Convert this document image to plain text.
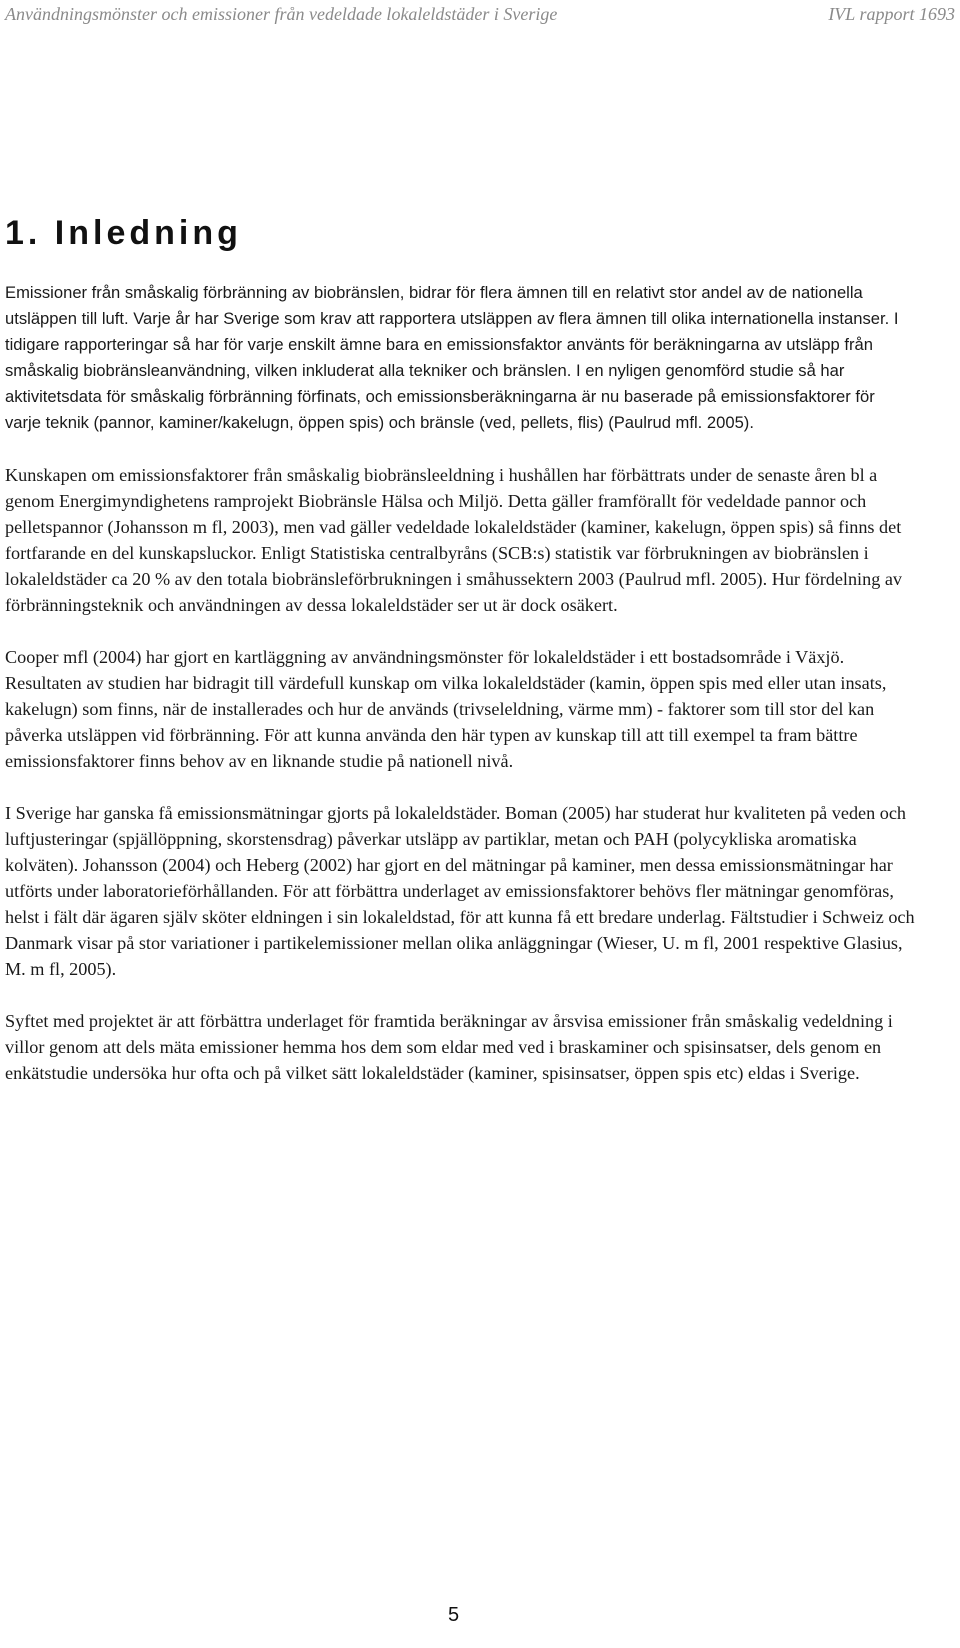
Användningsmönster och emissioner från vedeldade lokaleldstäder i Sverige	IVL rapport 1693
1. Inledning

Emissioner från småskalig förbränning av biobränslen, bidrar för flera ämnen till en relativt stor andel av de nationella utsläppen till luft. Varje år har Sverige som krav att rapportera utsläppen av flera ämnen till olika internationella instanser. I tidigare rapporteringar så har för varje enskilt ämne bara en emissionsfaktor använts för beräkningarna av utsläpp från småskalig biobränsleanvändning, vilken inkluderat alla tekniker och bränslen. I en nyligen genomförd studie så har aktivitetsdata för småskalig förbränning förfinats, och emissionsberäkningarna är nu baserade på emissionsfaktorer för varje teknik (pannor, kaminer/kakelugn, öppen spis) och bränsle (ved, pellets, flis) (Paulrud mfl. 2005).

Kunskapen om emissionsfaktorer från småskalig biobränsleeldning i hushållen har förbättrats under de senaste åren bl a genom Energimyndighetens ramprojekt Biobränsle Hälsa och Miljö. Detta gäller framförallt för vedeldade pannor och pelletspannor (Johansson m fl, 2003), men vad gäller vedeldade lokaleldstäder (kaminer, kakelugn, öppen spis) så finns det fortfarande en del kunskapsluckor. Enligt Statistiska centralbyråns (SCB:s) statistik var förbrukningen av biobränslen i lokaleldstäder ca 20 % av den totala biobränsleförbrukningen i småhussektern 2003 (Paulrud mfl. 2005). Hur fördelning av förbränningsteknik och användningen av dessa lokaleldstäder ser ut är dock osäkert.

Cooper mfl (2004) har gjort en kartläggning av användningsmönster för lokaleldstäder i ett bostadsområde i Växjö. Resultaten av studien har bidragit till värdefull kunskap om vilka lokaleldstäder (kamin, öppen spis med eller utan insats, kakelugn) som finns, när de installerades och hur de används (trivseleldning, värme mm) - faktorer som till stor del kan påverka utsläppen vid förbränning. För att kunna använda den här typen av kunskap till att till exempel ta fram bättre emissionsfaktorer finns behov av en liknande studie på nationell nivå.

I Sverige har ganska få emissionsmätningar gjorts på lokaleldstäder. Boman (2005) har studerat hur kvaliteten på veden och luftjusteringar (spjällöppning, skorstensdrag) påverkar utsläpp av partiklar, metan och PAH (polycykliska aromatiska kolväten). Johansson (2004) och Heberg (2002) har gjort en del mätningar på kaminer, men dessa emissionsmätningar har utförts under laboratorieförhållanden. För att förbättra underlaget av emissionsfaktorer behövs fler mätningar genomföras, helst i fält där ägaren själv sköter eldningen i sin lokaleldstad, för att kunna få ett bredare underlag. Fältstudier i Schweiz och Danmark visar på stor variationer i partikelemissioner mellan olika anläggningar (Wieser, U. m fl, 2001 respektive Glasius, M. m fl, 2005).

Syftet med projektet är att förbättra underlaget för framtida beräkningar av årsvisa emissioner från småskalig vedeldning i villor genom att dels mäta emissioner hemma hos dem som eldar med ved i braskaminer och spisinsatser, dels genom en enkätstudie undersöka hur ofta och på vilket sätt lokaleldstäder (kaminer, spisinsatser, öppen spis etc) eldas i Sverige.

5
